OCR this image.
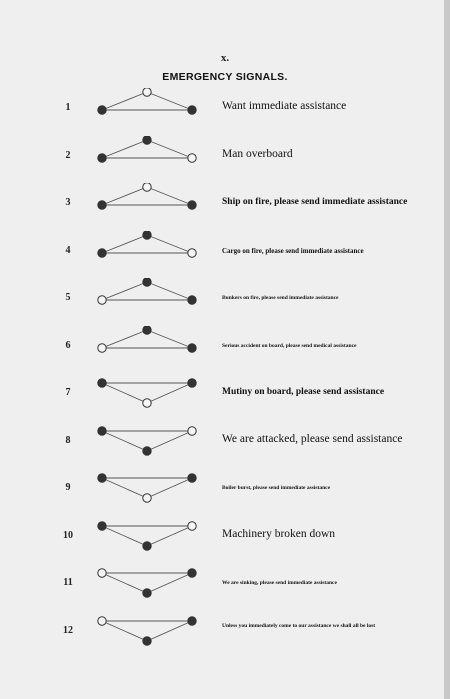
x.
EMERGENCY SIGNALS.
1	Want immediate assistance
2	Man overboard
3	Ship on fire, please send immediate assistance
4	Cargo on fire, please send immediate assistance
5	Bunkers on fire, please send immediate assistance
6	Serious accident on board, please send medical assistance
7	Mutiny on board, please send assistance
8	We are attacked, please send assistance
9	Boiler burst, please send immediate assistance
10	Machinery broken down
11	We are sinking, please send immediate assistance
12	Unless you immediately come to our assistance we shall all be lost
